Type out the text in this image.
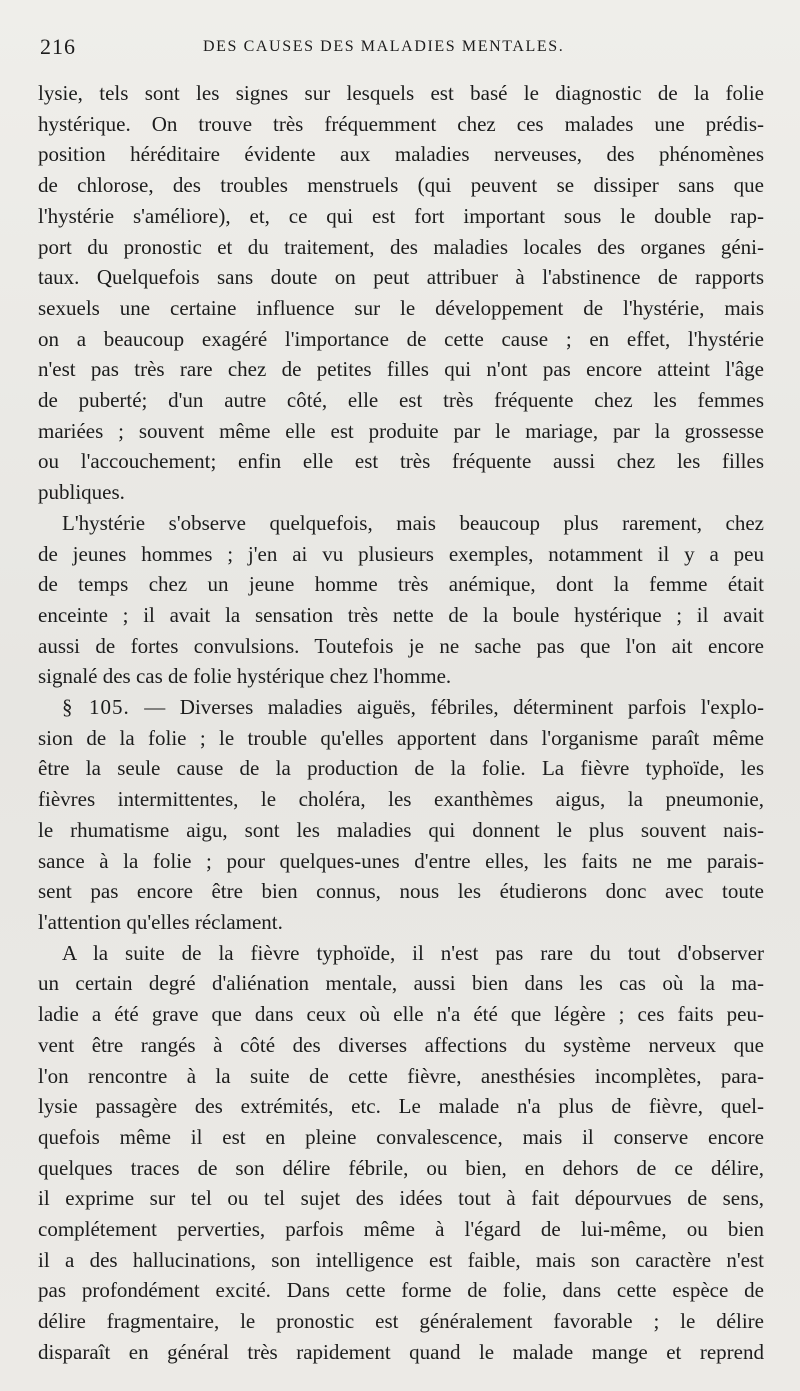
216	DES CAUSES DES MALADIES MENTALES.

lysie, tels sont les signes sur lesquels est basé le diagnostic de la folie

hystérique. On trouve très fréquemment chez ces malades une prédis-

position héréditaire évidente aux maladies nerveuses, des phénomènes

de chlorose, des troubles menstruels (qui peuvent se dissiper sans que

l'hystérie s'améliore), et, ce qui est fort important sous le double rap-

port du pronostic et du traitement, des maladies locales des organes géni-

taux. Quelquefois sans doute on peut attribuer à l'abstinence de rapports

sexuels une certaine influence sur le développement de l'hystérie, mais

on a beaucoup exagéré l'importance de cette cause ; en effet, l'hystérie

n'est pas très rare chez de petites filles qui n'ont pas encore atteint l'âge

de puberté; d'un autre côté, elle est très fréquente chez les femmes

mariées ; souvent même elle est produite par le mariage, par la grossesse

ou l'accouchement; enfin elle est très fréquente aussi chez les filles

publiques.

L'hystérie s'observe quelquefois, mais beaucoup plus rarement, chez

de jeunes hommes ; j'en ai vu plusieurs exemples, notamment il y a peu

de temps chez un jeune homme très anémique, dont la femme était

enceinte ; il avait la sensation très nette de la boule hystérique ; il avait

aussi de fortes convulsions. Toutefois je ne sache pas que l'on ait encore

signalé des cas de folie hystérique chez l'homme.

§ 105. — Diverses maladies aiguës, fébriles, déterminent parfois l'explo-

sion de la folie ; le trouble qu'elles apportent dans l'organisme paraît même

être la seule cause de la production de la folie. La fièvre typhoïde, les

fièvres intermittentes, le choléra, les exanthèmes aigus, la pneumonie,

le rhumatisme aigu, sont les maladies qui donnent le plus souvent nais-

sance à la folie ; pour quelques-unes d'entre elles, les faits ne me parais-

sent pas encore être bien connus, nous les étudierons donc avec toute

l'attention qu'elles réclament.

A la suite de la fièvre typhoïde, il n'est pas rare du tout d'observer

un certain degré d'aliénation mentale, aussi bien dans les cas où la ma-

ladie a été grave que dans ceux où elle n'a été que légère ; ces faits peu-

vent être rangés à côté des diverses affections du système nerveux que

l'on rencontre à la suite de cette fièvre, anesthésies incomplètes, para-

lysie passagère des extrémités, etc. Le malade n'a plus de fièvre, quel-

quefois même il est en pleine convalescence, mais il conserve encore

quelques traces de son délire fébrile, ou bien, en dehors de ce délire,

il exprime sur tel ou tel sujet des idées tout à fait dépourvues de sens,

complétement perverties, parfois même à l'égard de lui-même, ou bien

il a des hallucinations, son intelligence est faible, mais son caractère n'est

pas profondément excité. Dans cette forme de folie, dans cette espèce de

délire fragmentaire, le pronostic est généralement favorable ; le délire

disparaît en général très rapidement quand le malade mange et reprend
